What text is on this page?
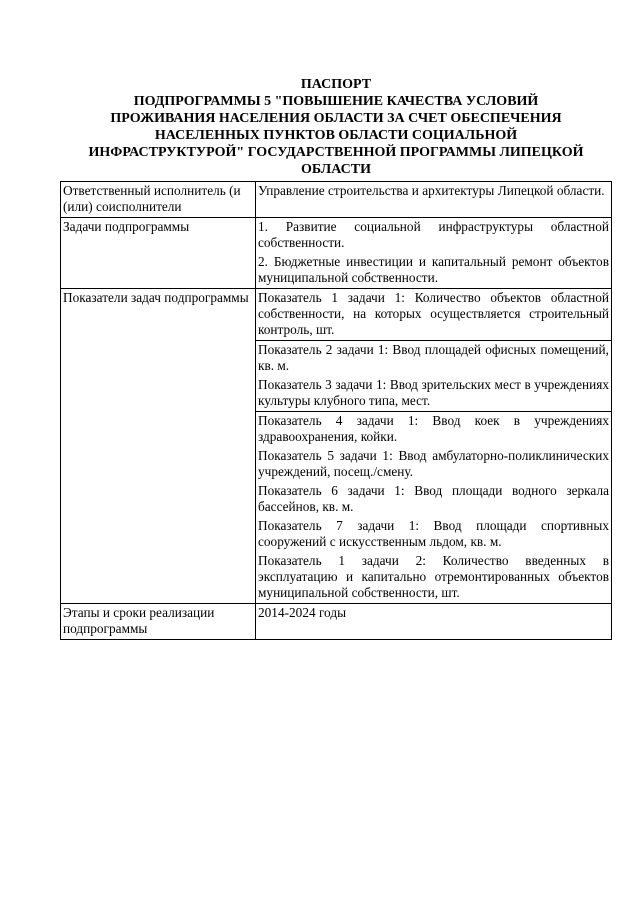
ПАСПОРТ
ПОДПРОГРАММЫ 5 "ПОВЫШЕНИЕ КАЧЕСТВА УСЛОВИЙ
ПРОЖИВАНИЯ НАСЕЛЕНИЯ ОБЛАСТИ ЗА СЧЕТ ОБЕСПЕЧЕНИЯ
НАСЕЛЕННЫХ ПУНКТОВ ОБЛАСТИ СОЦИАЛЬНОЙ
ИНФРАСТРУКТУРОЙ" ГОСУДАРСТВЕННОЙ ПРОГРАММЫ ЛИПЕЦКОЙ
ОБЛАСТИ
Ответственный исполнитель (и (или) соисполнители	Управление строительства и архитектуры Липецкой области.
Задачи подпрограммы	1. Развитие социальной инфраструктуры областной собственности.

2. Бюджетные инвестиции и капитальный ремонт объектов муниципальной собственности.

Показатели задач подпрограммы	Показатель 1 задачи 1: Количество объектов областной собственности, на которых осуществляется строительный контроль, шт.

	Показатель 2 задачи 1: Ввод площадей офисных помещений, кв. м.

Показатель 3 задачи 1: Ввод зрительских мест в учреждениях культуры клубного типа, мест.

	Показатель 4 задачи 1: Ввод коек в учреждениях здравоохранения, койки.

Показатель 5 задачи 1: Ввод амбулаторно-поликлинических учреждений, посещ./смену.

Показатель 6 задачи 1: Ввод площади водного зеркала бассейнов, кв. м.

Показатель 7 задачи 1: Ввод площади спортивных сооружений с искусственным льдом, кв. м.

Показатель 1 задачи 2: Количество введенных в эксплуатацию и капитально отремонтированных объектов муниципальной собственности, шт.

Этапы и сроки реализации подпрограммы	2014-2024 годы
